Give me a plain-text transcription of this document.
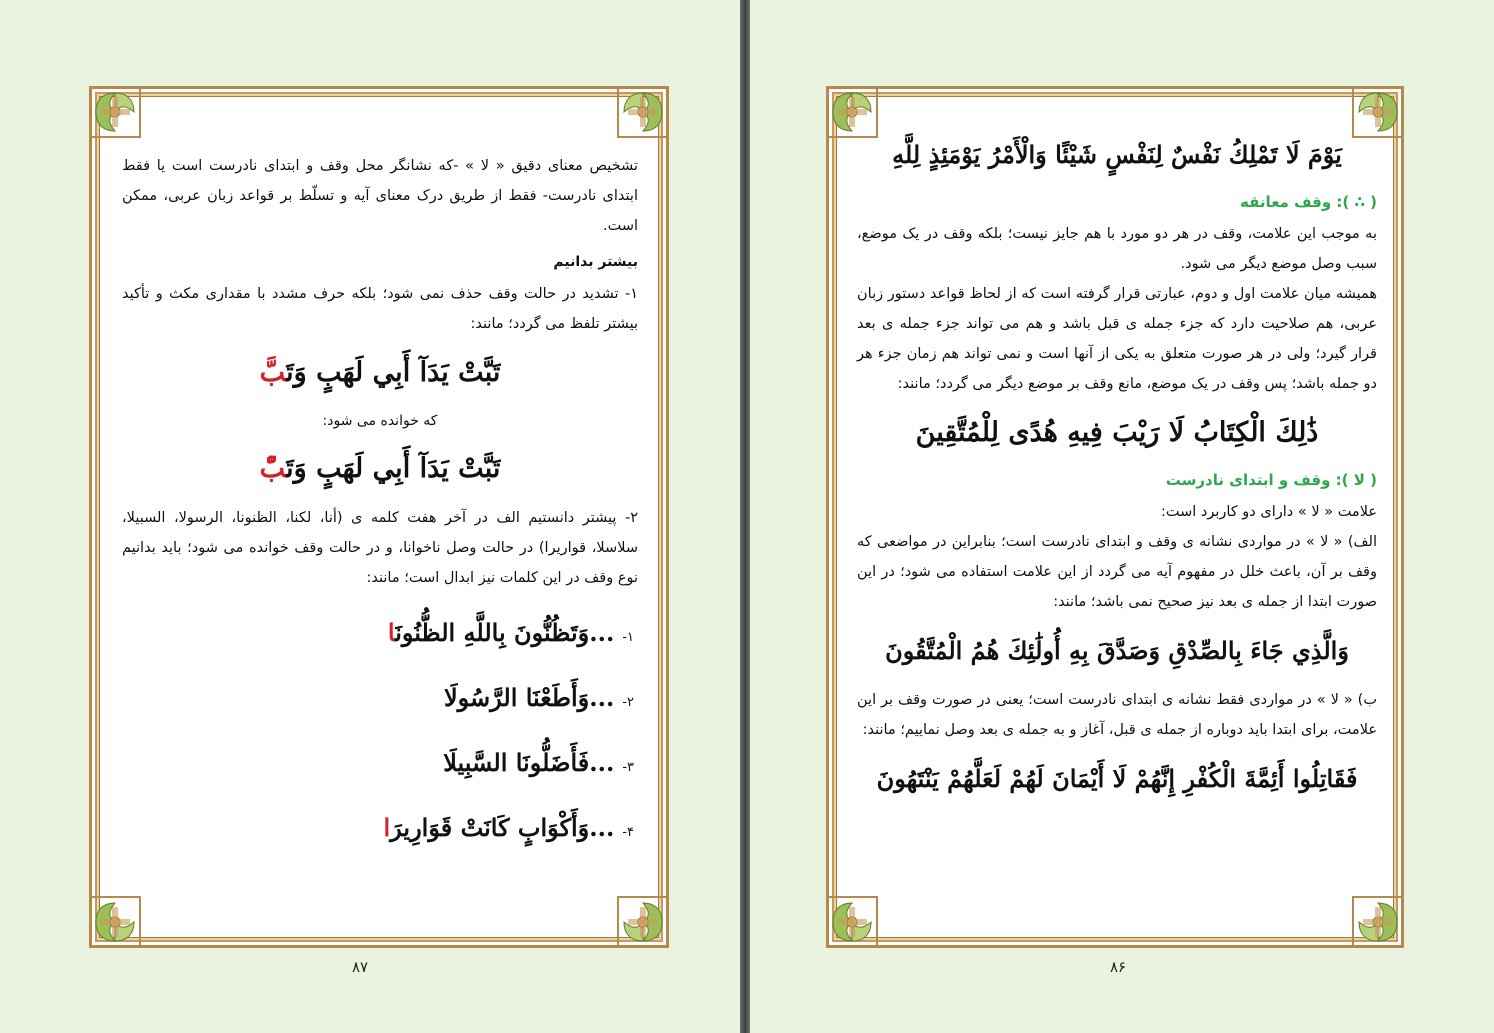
تشخیص معنای دقیق « لا » -که نشانگر محل وقف و ابتدای نادرست است یا فقط ابتدای نادرست- فقط از طریق درک معنای آیه و تسلّط بر قواعد زبان عربی، ممکن است.

بیشتر بدانیم

۱- تشدید در حالت وقف حذف نمی شود؛ بلکه حرف مشدد با مقداری مکث و تأکید بیشتر تلفظ می گردد؛ مانند:

تَبَّتْ يَدَآ أَبِي لَهَبٍ وَتَبَّ
که خوانده می شود:
تَبَّتْ يَدَآ أَبِي لَهَبٍ وَتَبّْ

۲- پیشتر دانستیم الف در آخر هفت کلمه ی (أنا، لکنا، الظنونا، الرسولا، السبیلا، سلاسلا، قواریرا) در حالت وصل ناخوانا، و در حالت وقف خوانده می شود؛ باید بدانیم نوع وقف در این کلمات نیز ابدال است؛ مانند:

۱-...وَتَظُنُّونَ بِاللَّهِ الظُّنُونَا
۲-...وَأَطَعْنَا الرَّسُولَ
۳-...فَأَضَلُّونَا السَّبِيلَ
۴-...وَأَكْوَابٍ كَانَتْ قَوَارِيرَا
۸۷
يَوْمَ لَا تَمْلِكُ نَفْسٌ لِنَفْسٍ شَيْئًا وَالْأَمْرُ يَوْمَئِذٍ لِلَّهِ
( ∴ ): وقف معانقه

به موجب این علامت، وقف در هر دو مورد با هم جایز نیست؛ بلکه وقف در یک موضع، سبب وصل موضع دیگر می شود.

همیشه میان علامت اول و دوم، عبارتی قرار گرفته است که از لحاظ قواعد دستور زبان عربی، هم صلاحیت دارد که جزء جمله ی قبل باشد و هم می تواند جزء جمله ی بعد قرار گیرد؛ ولی در هر صورت متعلق به یکی از آنها است و نمی تواند هم زمان جزء هر دو جمله باشد؛ پس وقف در یک موضع، مانع وقف بر موضع دیگر می گردد؛ مانند:

ذَٰلِكَ الْكِتَابُ لَا رَيْبَ فِيهِ هُدًى لِلْمُتَّقِينَ
( لا ): وقف و ابتدای نادرست

علامت « لا » دارای دو کاربرد است:

الف) « لا » در مواردی نشانه ی وقف و ابتدای نادرست است؛ بنابراین در مواضعی که وقف بر آن، باعث خلل در مفهوم آیه می گردد از این علامت استفاده می شود؛ در این صورت ابتدا از جمله ی بعد نیز صحیح نمی باشد؛ مانند:

وَالَّذِي جَاءَ بِالصِّدْقِ وَصَدَّقَ بِهِ أُولَٰئِكَ هُمُ الْمُتَّقُونَ

ب) « لا » در مواردی فقط نشانه ی ابتدای نادرست است؛ یعنی در صورت وقف بر این علامت، برای ابتدا باید دوباره از جمله ی قبل، آغاز و به جمله ی بعد وصل نماییم؛ مانند:

فَقَاتِلُوا أَئِمَّةَ الْكُفْرِ إِنَّهُمْ لَا أَيْمَانَ لَهُمْ لَعَلَّهُمْ يَنْتَهُونَ
۸۶
